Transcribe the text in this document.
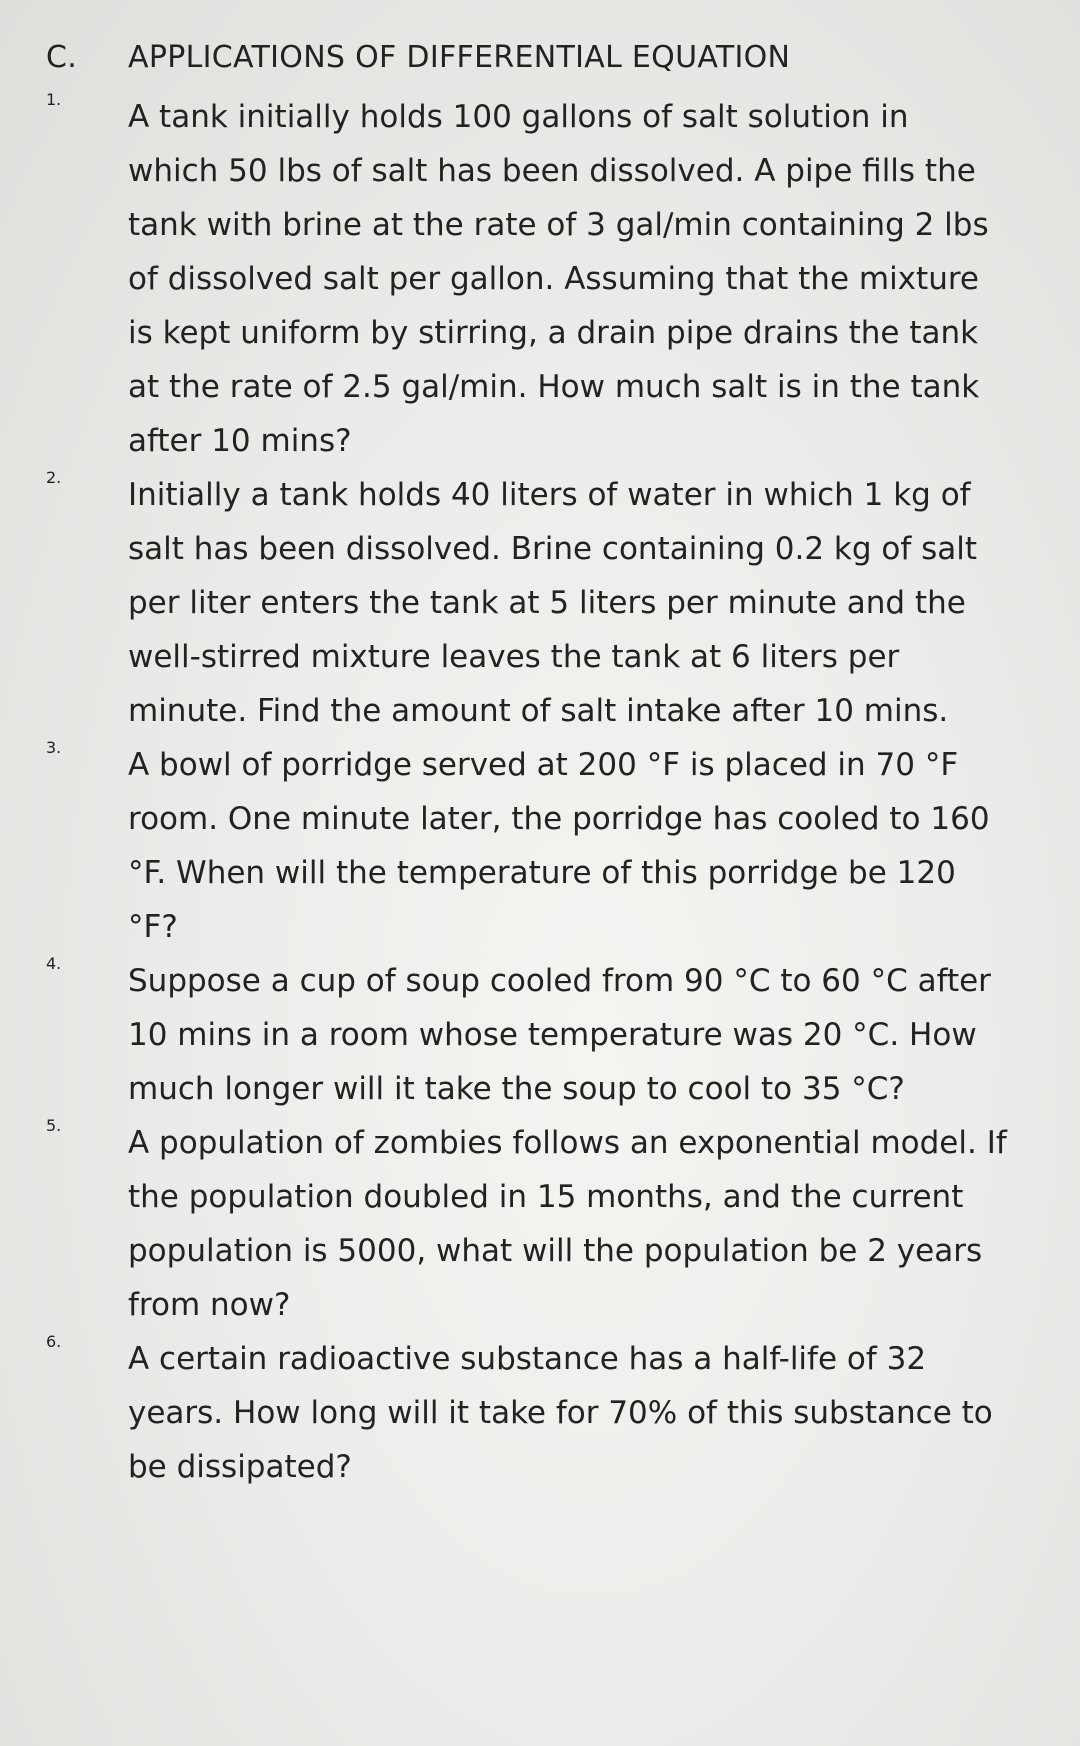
C.	APPLICATIONS OF DIFFERENTIAL EQUATION
1.	A tank initially holds 100 gallons of salt solution in which 50 lbs of salt has been dissolved. A pipe fills the tank with brine at the rate of 3 gal/min containing 2 lbs of dissolved salt per gallon. Assuming that the mixture is kept uniform by stirring, a drain pipe drains the tank at the rate of 2.5 gal/min. How much salt is in the tank after 10 mins?
2.	Initially a tank holds 40 liters of water in which 1 kg of salt has been dissolved. Brine containing 0.2 kg of salt per liter enters the tank at 5 liters per minute and the well-stirred mixture leaves the tank at 6 liters per minute. Find the amount of salt intake after 10 mins.
3.	A bowl of porridge served at 200 °F is placed in 70 °F room. One minute later, the porridge has cooled to 160 °F. When will the temperature of this porridge be 120 °F?
4.	Suppose a cup of soup cooled from 90 °C to 60 °C after 10 mins in a room whose temperature was 20 °C. How much longer will it take the soup to cool to 35 °C?
5.	A population of zombies follows an exponential model. If the population doubled in 15 months, and the current population is 5000, what will the population be 2 years from now?
6.	A certain radioactive substance has a half-life of 32 years. How long will it take for 70% of this substance to be dissipated?
